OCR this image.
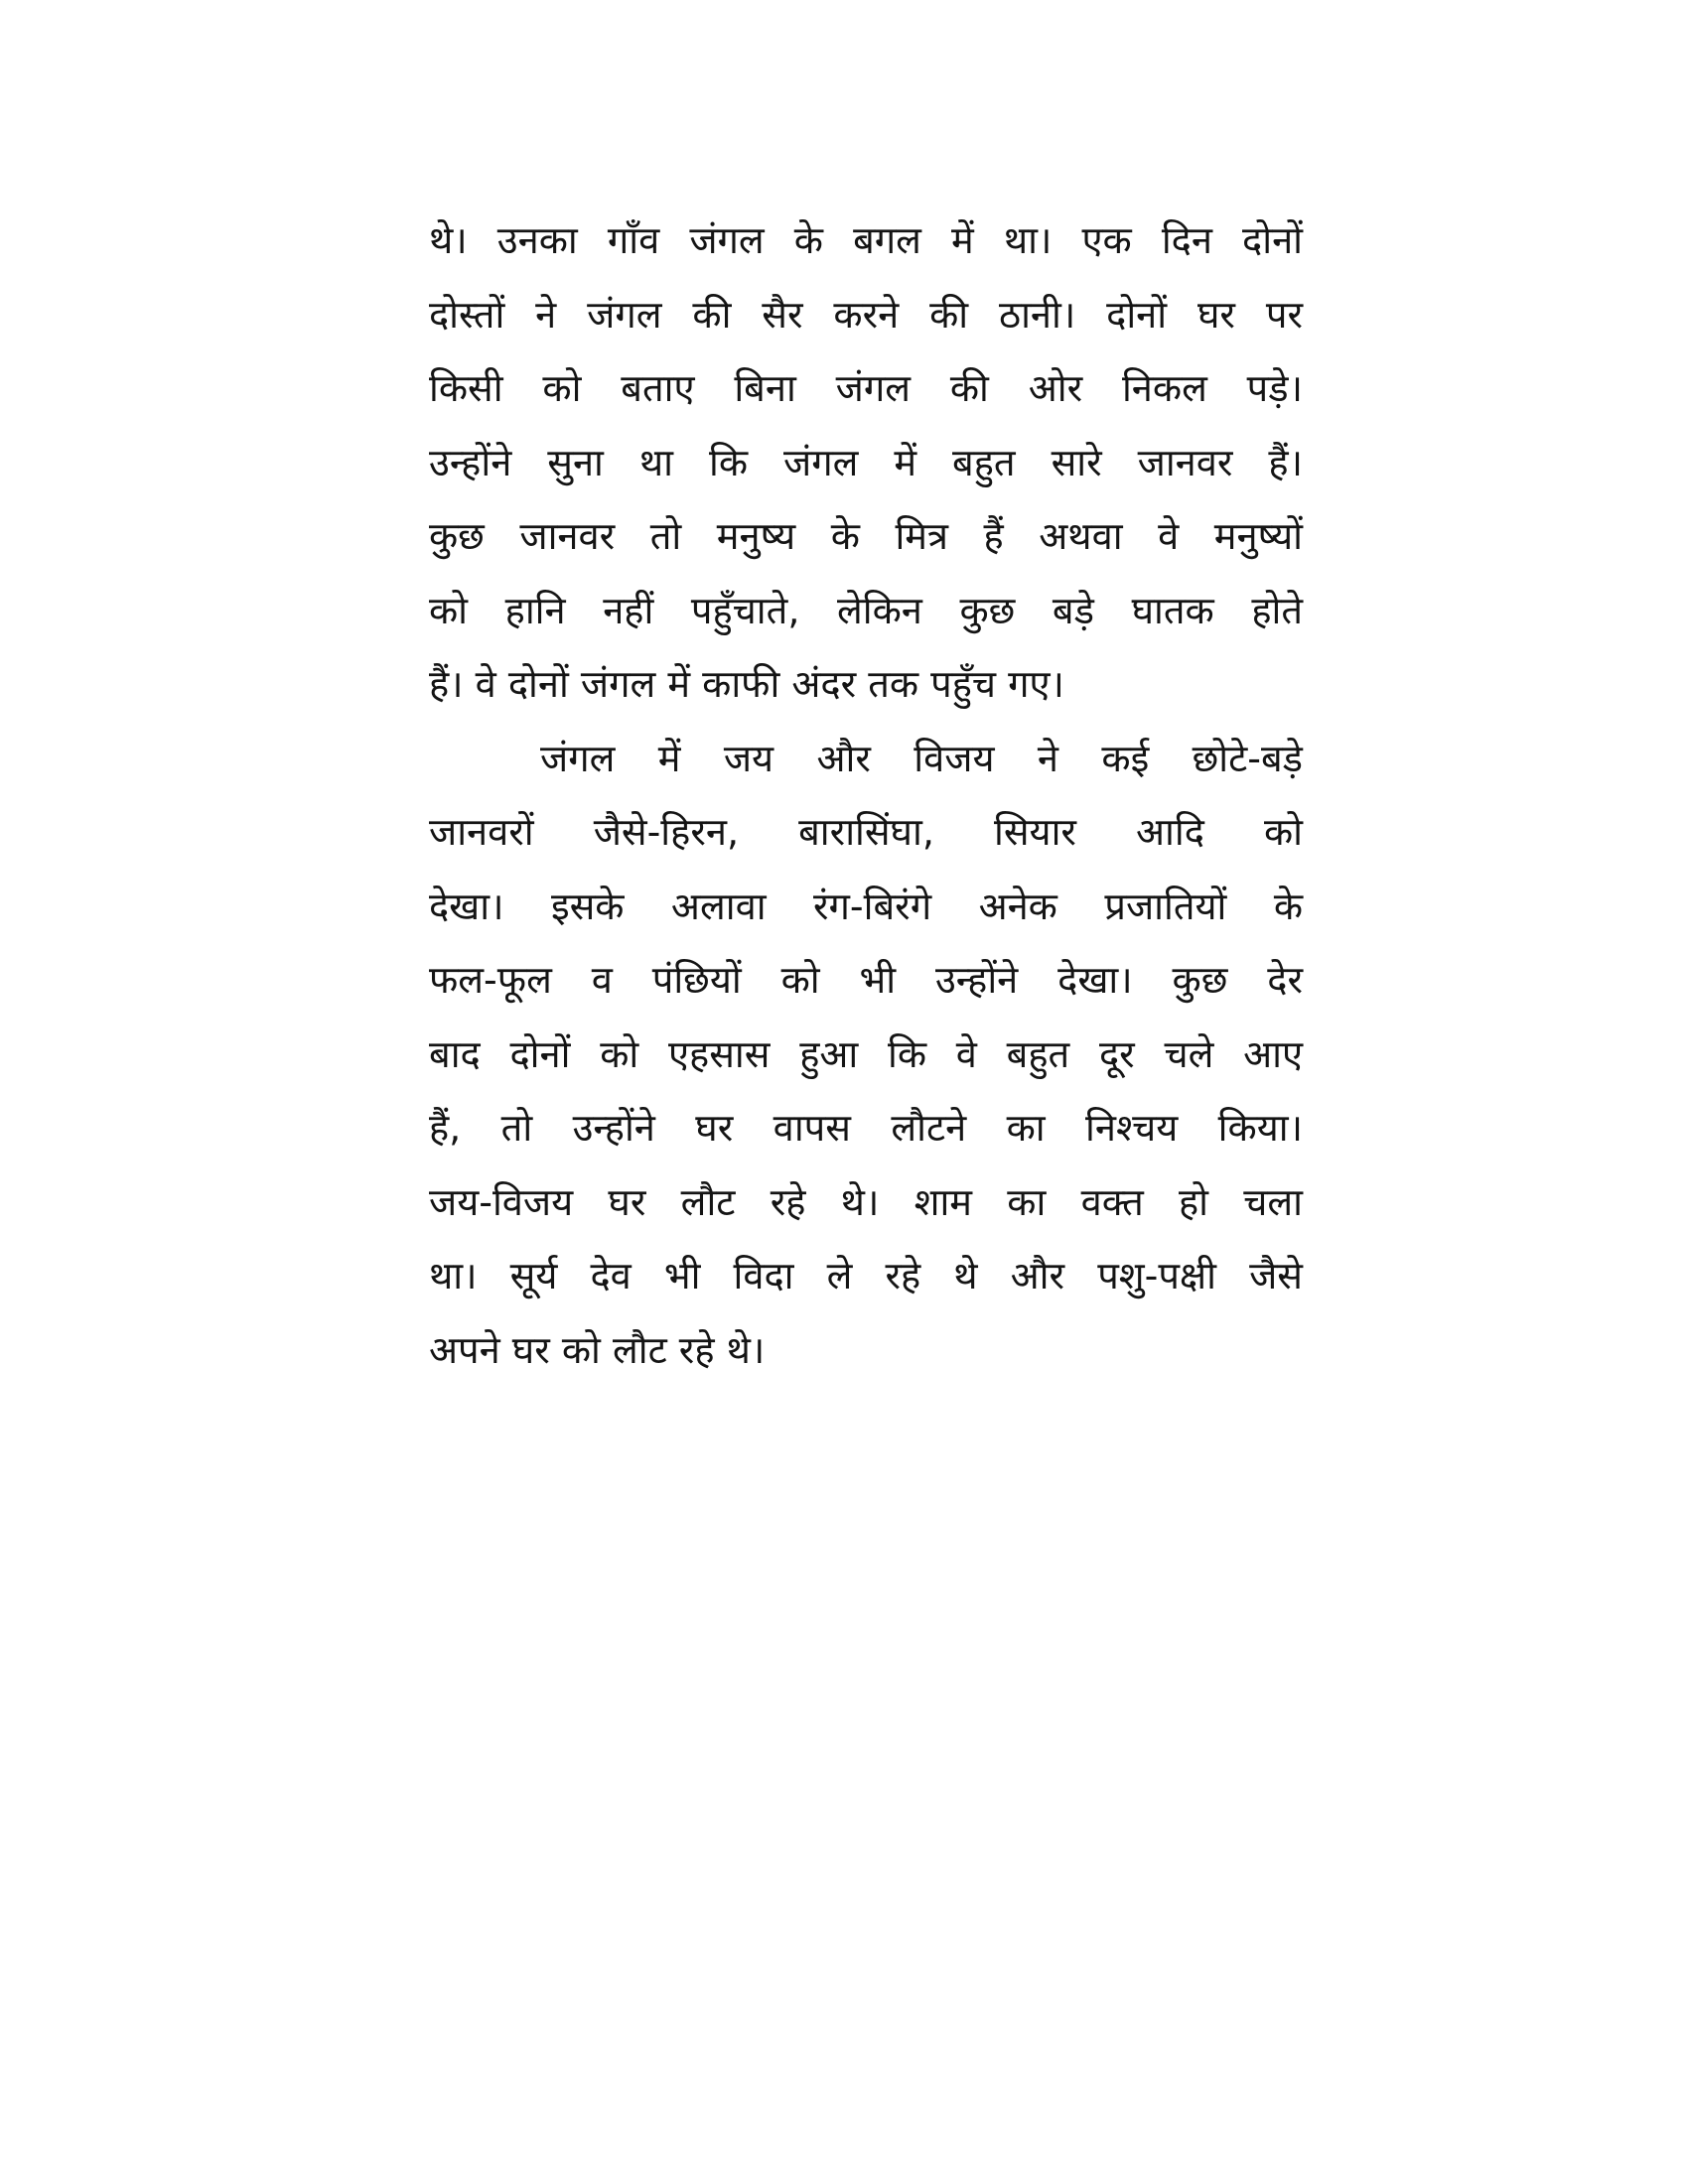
थे। उनका गाँव जंगल के बगल में था। एक दिन दोनों
दोस्तों ने जंगल की सैर करने की ठानी। दोनों घर पर
किसी को बताए बिना जंगल की ओर निकल पड़े।
उन्होंने सुना था कि जंगल में बहुत सारे जानवर हैं।
कुछ जानवर तो मनुष्य के मित्र हैं अथवा वे मनुष्यों
को हानि नहीं पहुँचाते, लेकिन कुछ बड़े घातक होते
हैं। वे दोनों जंगल में काफी अंदर तक पहुँच गए।
जंगल में जय और विजय ने कई छोटे-बड़े
जानवरों जैसे-हिरन, बारासिंघा, सियार आदि को
देखा। इसके अलावा रंग-बिरंगे अनेक प्रजातियों के
फल-फूल व पंछियों को भी उन्होंने देखा। कुछ देर
बाद दोनों को एहसास हुआ कि वे बहुत दूर चले आए
हैं, तो उन्होंने घर वापस लौटने का निश्चय किया।
जय-विजय घर लौट रहे थे। शाम का वक्त हो चला
था। सूर्य देव भी विदा ले रहे थे और पशु-पक्षी जैसे
अपने घर को लौट रहे थे।
